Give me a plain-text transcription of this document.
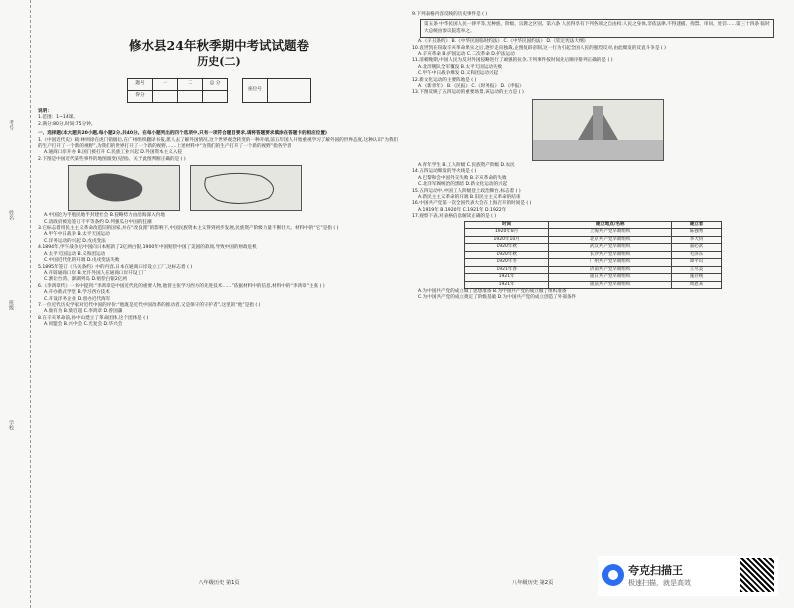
考号
姓名
班级
学校
修水县24年秋季期中考试试题卷
历史(二)
题号	一	二	总 分
得分			
座位号	
说明：
1.范围：1~14课。
2.满分:80分,时间:75分钟。
一、选择题(本大题共20小题,每小题2分,共40分。在每小题列出的四个选项中,只有一项符合题目要求,请将答题要求填涂在答题卡的相应位置)
1.《中国近代史》载:林则徐在虎门销烟后,在广州组织翻译书报,派人去了解外国情况,这个世界观念转变的一种开端,前五年国人开始重视学习了解外国的世界态度,这种认识“为我们的生产打开了一个新的视野”,为我们的世界打开了一个新的视野,……上述材料中“为我们的生产打开了一个新的视野”指各学者
A.通商口岸开办 B.国门被打开 C.民族工业兴起 D.外国资本主义入侵
2.下图是中国近代某些事件的地图演变(见图)。关于此图判断正确的是 ( )
A.中国沦为半殖民地半封建社会 B.侵略势力由沿海深入内地
C.清政府被迫签订不平等条约 D.列强瓜分中国的狂潮
3.它标志着用民主主义革命改造旧的国家,并在“改良派”的影响下,中国民族资本主义得到初步发展,民族资产阶级力量不断壮大。材料中的“它”是指 ( )
A.甲午中日战争 B.太平天国运动
C.洋务运动的兴起 D.戊戌变法
4.1894年,甲午战争后中国向日本赔款了2亿两白银,1900年中国赔偿中国了美国的款项,导致中国的财政危机
A.太平天国运动 B.义和团运动
C.中国近代化的开端 D.戊戌变法失败
5.1895年签订《马关条约》中的内容,日本在通商口岸设立工厂,这标志着 ( )
A.开辟通商口岸 B.允许外国人在通商口岸开设工厂
C.割让台湾、澎湖列岛 D.赔偿白银2亿两
6.《李鸿章传》一书中提到:“李鸿章是中国近代化的重要人物,他曾主张学习西方的先进技术……”依据材料中的信息,材料中的“李鸿章”主张 ( )
A.开办新式学堂 B.学习西方技术
C.开设洋务企业 D.创办近代海军
7.一位近代历史学家对近代中国的评价:“他既是近代中国改革的推动者,又是保守的守护者”,这里的“他”是指 ( )
A.康有为 B.梁启超 C.李鸿章 D.曾国藩
8.在辛亥革命前,孙中山建立了革命团体,这个团体是 ( )
A.同盟会 B.兴中会 C.光复会 D.华兴会
八年级历史 第1页
9.下列表格内容反映的历史事件是 ( )
第五条 中华民国人民一律平等,无种族、阶级、宗教之区别。第六条 人民得享有下列各项之自由权:人民之身体,非依法律,不得逮捕、拘禁、审问、处罚……第三十四条 临时大总统由参议院选举之。
A.《辛丑条约》 B.《中华民国临时约法》 C.《中华民国约法》 D.《钦定宪法大纲》
10.袁世凯在窃取辛亥革命果实之后,逐步走向独裁,企图复辟帝制,这一行为引起全国人民的强烈反对,由此爆发的反袁斗争是 ( )
A.辛亥革命 B.护国运动 C.二次革命 D.护法运动
11.清朝晚期,中国人民为反对外国侵略进行了顽强的抗争,下列事件按时间先后顺序排列正确的是 ( )
A.北洋舰队全军覆没 B.太平天国运动失败
C.甲午中日战争爆发 D.义和团运动兴起
12.新文化运动的主要阵地是 ( )
A.《新青年》 B.《民报》 C.《时务报》 D.《申报》
13.下图反映了五四运动的重要场景,该运动的主力是 ( )
A.青年学生 B.工人阶级 C.民族资产阶级 D.农民
14.五四运动爆发的导火线是 ( )
A.巴黎和会中国外交失败 B.辛亥革命的失败
C.北洋军阀统治的黑暗 D.新文化运动的兴起
15.五四运动中,中国工人阶级登上政治舞台,标志着 ( )
A.新民主主义革命的开端 B.旧民主主义革命的结束
16.中国共产党第一次全国代表大会在上海召开的时间是 ( )
A.1919年 B.1920年 C.1921年 D.1922年
17.观察下表,对表格信息解读正确的是 ( )
时间	建立地点/名称	建立者
1920年8月	上海共产党早期组织	陈独秀
1920年10月	北京共产党早期组织	李大钊
1920年秋	武汉共产党早期组织	董必武
1920年秋	长沙共产党早期组织	毛泽东
1920年冬	广州共产党早期组织	谭平山
1921年春	济南共产党早期组织	王尽美
1921年	旅日共产党早期组织	施存统
1921年	旅法共产党早期组织	周恩来
A.为中国共产党的成立做了思想准备 B.为中国共产党的成立做了组织准备
C.为中国共产党的成立奠定了阶级基础 D.为中国共产党的成立创造了外部条件
八年级历史 第2页
夸克扫描王
极速扫描，就是高效
